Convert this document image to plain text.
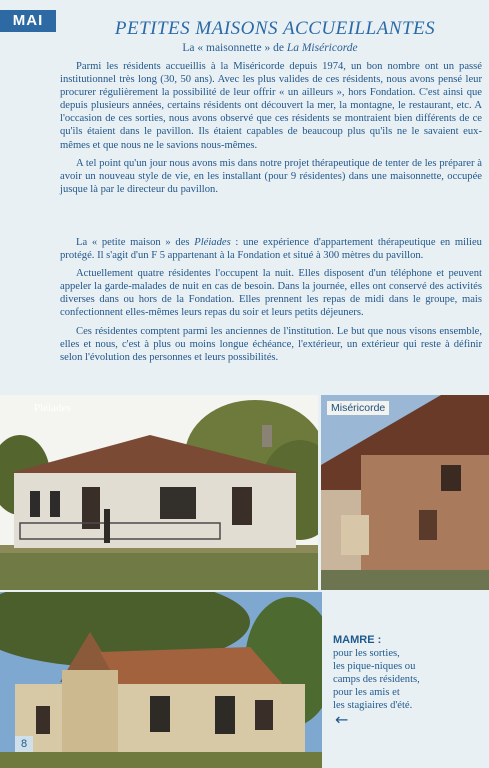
MAI	PETITES MAISONS ACCUEILLANTES
La « maisonnette » de La Miséricorde

Parmi les résidents accueillis à la Miséricorde depuis 1974, un bon nombre ont un passé institutionnel très long (30, 50 ans). Avec les plus valides de ces résidents, nous avons pensé leur procurer régulièrement la possibilité de leur offrir « un ailleurs », hors Fondation. C'est ainsi que depuis plusieurs années, certains résidents ont découvert la mer, la montagne, le restaurant, etc. A l'occasion de ces sorties, nous avons observé que ces résidents se montraient bien différents de ce qu'ils étaient dans le pavillon. Ils étaient capables de beaucoup plus qu'ils ne le savaient eux-mêmes et que nous ne le savions nous-mêmes.

A tel point qu'un jour nous avons mis dans notre projet thérapeutique de tenter de les préparer à avoir un nouveau style de vie, en les installant (pour 9 résidentes) dans une maisonnette, occupée jusque là par le directeur du pavillon.

La « petite maison » des Pléiades : une expérience d'appartement thérapeutique en milieu protégé. Il s'agit d'un F 5 appartenant à la Fondation et situé à 300 mètres du pavillon.

Actuellement quatre résidentes l'occupent la nuit. Elles disposent d'un téléphone et peuvent appeler la garde-malades de nuit en cas de besoin. Dans la journée, elles ont conservé des activités diverses dans ou hors de la Fondation. Elles prennent les repas de midi dans le groupe, mais confectionnent elles-mêmes leurs repas du soir et leurs petits déjeuners.

Ces résidentes comptent parmi les anciennes de l'institution. Le but que nous visons ensemble, elles et nous, c'est à plus ou moins longue échéance, l'extérieur, un extérieur qui reste à définir selon l'évolution des personnes et leurs possibilités.

Pléiades	Miséricorde
MAMRE :
pour les sorties,
les pique-niques ou
camps des résidents,
pour les amis et
les stagiaires d'été.
←
8
